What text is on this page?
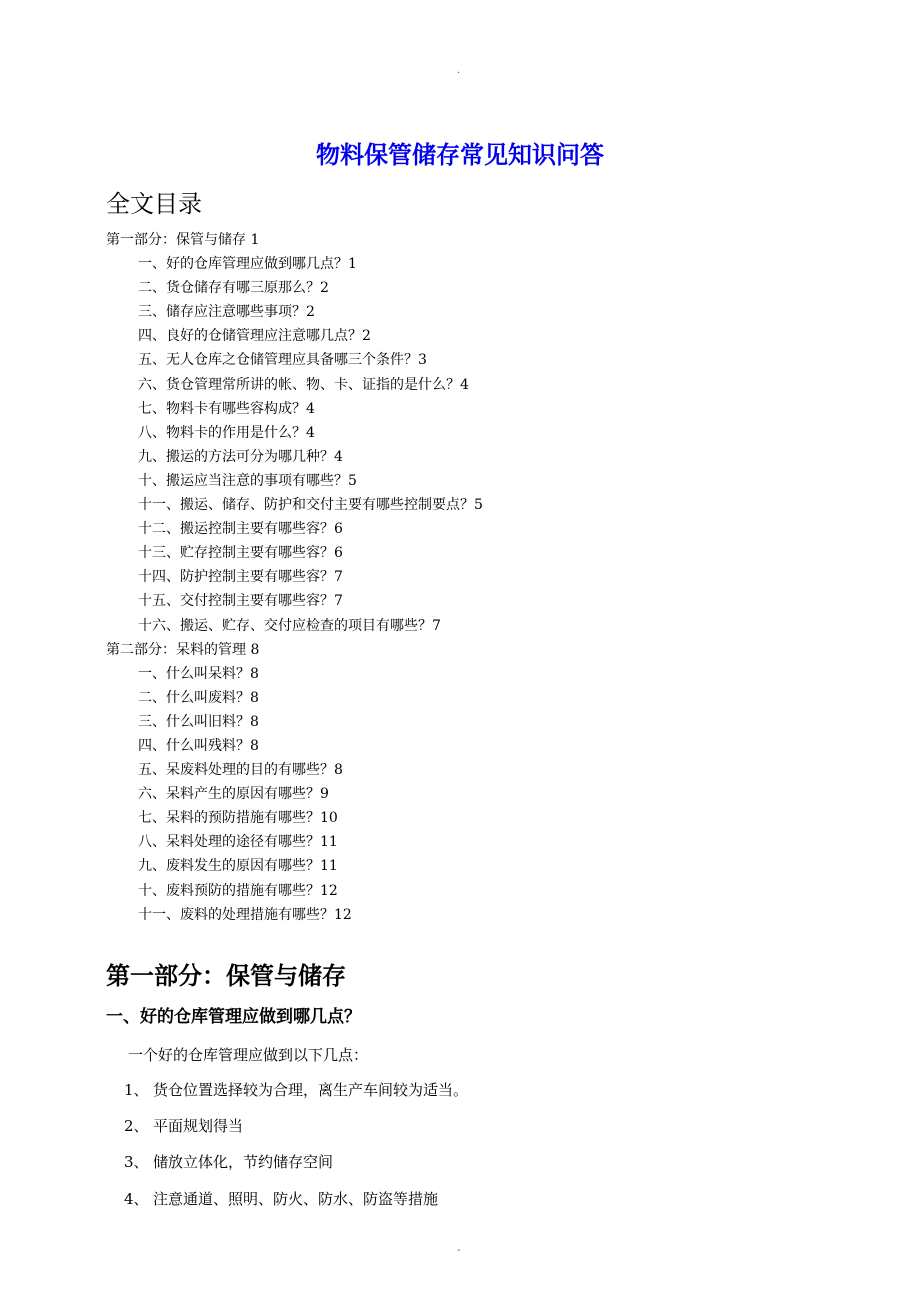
.
物料保管储存常见知识问答
全文目录
第一部分：保管与储存 1
一、好的仓库管理应做到哪几点？1
二、货仓储存有哪三原那么？2
三、储存应注意哪些事项？2
四、良好的仓储管理应注意哪几点？2
五、无人仓库之仓储管理应具备哪三个条件？3
六、货仓管理常所讲的帐、物、卡、证指的是什么？4
七、物料卡有哪些容构成？4
八、物料卡的作用是什么？4
九、搬运的方法可分为哪几种？4
十、搬运应当注意的事项有哪些？5
十一、搬运、储存、防护和交付主要有哪些控制要点？5
十二、搬运控制主要有哪些容？6
十三、贮存控制主要有哪些容？6
十四、防护控制主要有哪些容？7
十五、交付控制主要有哪些容？7
十六、搬运、贮存、交付应检查的项目有哪些？7
第二部分：呆料的管理 8
一、什么叫呆料？8
二、什么叫废料？8
三、什么叫旧料？8
四、什么叫残料？8
五、呆废料处理的目的有哪些？8
六、呆料产生的原因有哪些？9
七、呆料的预防措施有哪些？10
八、呆料处理的途径有哪些？11
九、废料发生的原因有哪些？11
十、废料预防的措施有哪些？12
十一、废料的处理措施有哪些？12
第一部分：保管与储存
一、好的仓库管理应做到哪几点？
一个好的仓库管理应做到以下几点：
1、 货仓位置选择较为合理，离生产车间较为适当。
2、 平面规划得当
3、 储放立体化，节约储存空间
4、 注意通道、照明、防火、防水、防盗等措施
-
